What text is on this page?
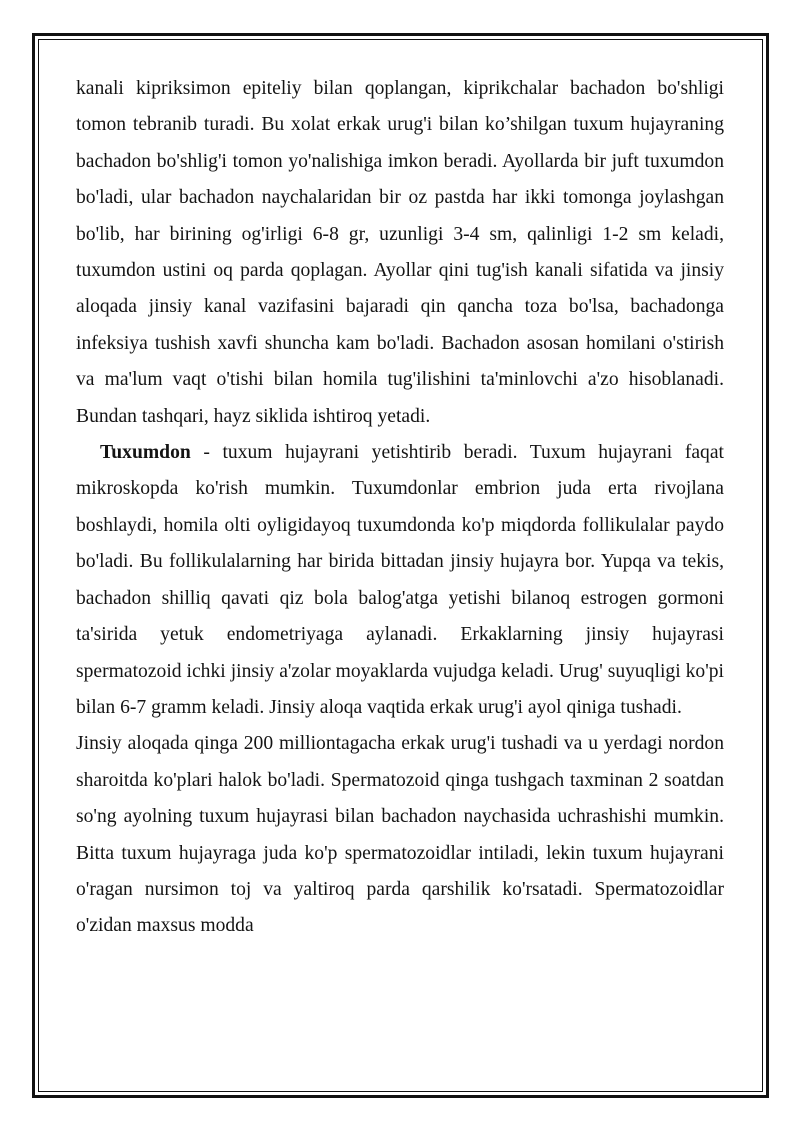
kanali kipriksimon epiteliy bilan qoplangan, kiprikchalar bachadon bo'shligi tomon tebranib turadi. Bu xolat erkak urug'i bilan ko’shilgan tuxum hujayraning bachadon bo'shlig'i tomon yo'nalishiga imkon beradi. Ayollarda bir juft tuxumdon bo'ladi, ular bachadon naychalaridan bir oz pastda har ikki tomonga joylashgan bo'lib, har birining og'irligi 6-8 gr, uzunligi 3-4 sm, qalinligi 1-2 sm keladi, tuxumdon ustini oq parda qoplagan. Ayollar qini tug'ish kanali sifatida va jinsiy aloqada jinsiy kanal vazifasini bajaradi qin qancha toza bo'lsa, bachadonga infeksiya tushish xavfi shuncha kam bo'ladi. Bachadon asosan homilani o'stirish va ma'lum vaqt o'tishi bilan homila tug'ilishini ta'minlovchi a'zo hisoblanadi. Bundan tashqari, hayz siklida ishtiroq yetadi.

Tuxumdon - tuxum hujayrani yetishtirib beradi. Tuxum hujayrani faqat mikroskopda ko'rish mumkin. Tuxumdonlar embrion juda erta rivojlana boshlaydi, homila olti oyligidayoq tuxumdonda ko'p miqdorda follikulalar paydo bo'ladi. Bu follikulalarning har birida bittadan jinsiy hujayra bor. Yupqa va tekis, bachadon shilliq qavati qiz bola balog'atga yetishi bilanoq estrogen gormoni ta'sirida yetuk endometriyaga aylanadi. Erkaklarning jinsiy hujayrasi spermatozoid ichki jinsiy a'zolar moyaklarda vujudga keladi. Urug' suyuqligi ko'pi bilan 6-7 gramm keladi. Jinsiy aloqa vaqtida erkak urug'i ayol qiniga tushadi.

Jinsiy aloqada qinga 200 milliontagacha erkak urug'i tushadi va u yerdagi nordon sharoitda ko'plari halok bo'ladi. Spermatozoid qinga tushgach taxminan 2 soatdan so'ng ayolning tuxum hujayrasi bilan bachadon naychasida uchrashishi mumkin. Bitta tuxum hujayraga juda ko'p spermatozoidlar intiladi, lekin tuxum hujayrani o'ragan nursimon toj va yaltiroq parda qarshilik ko'rsatadi. Spermatozoidlar o'zidan maxsus modda
